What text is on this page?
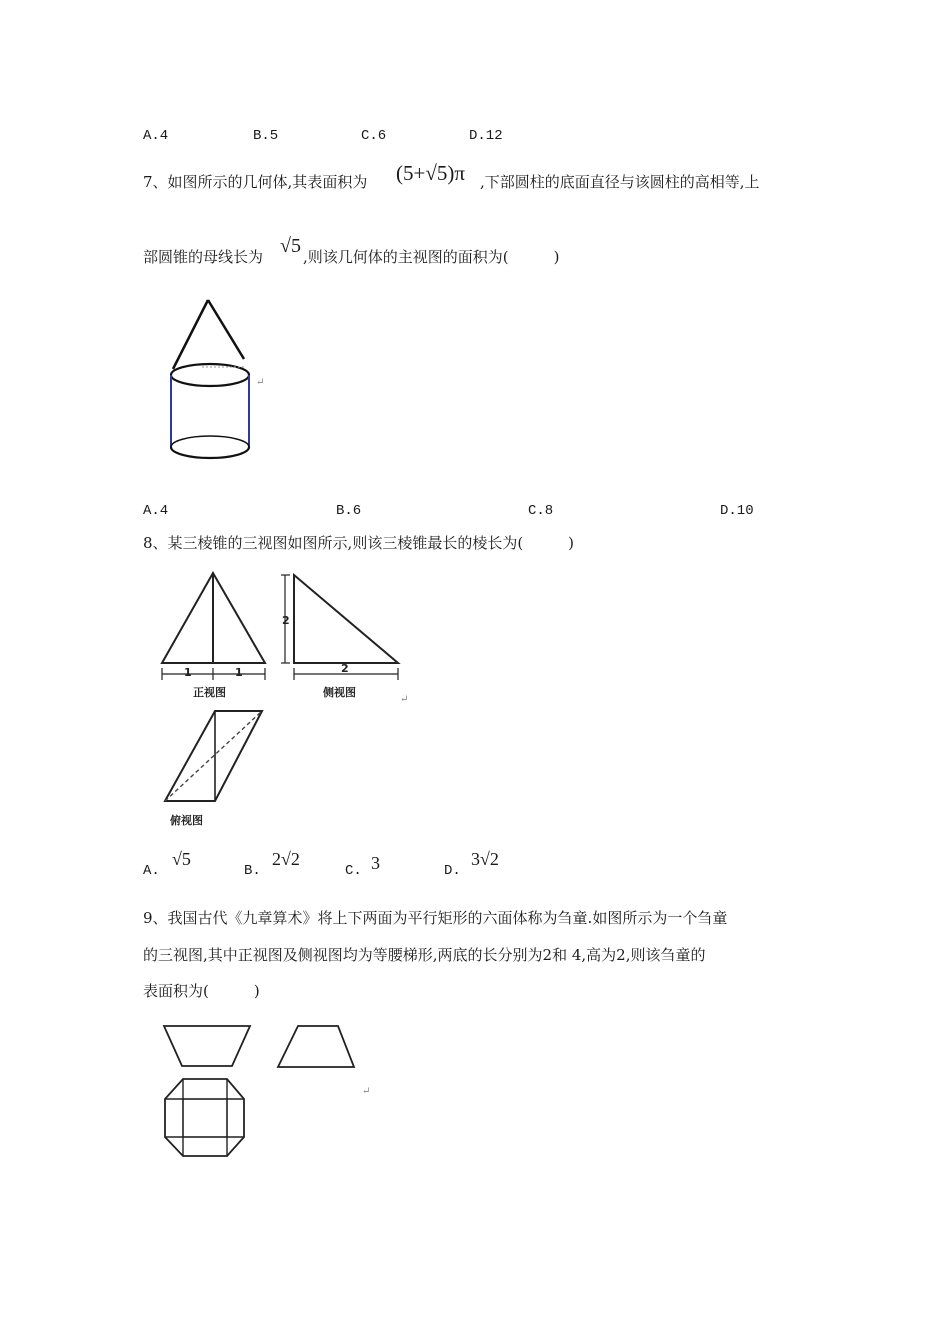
A.4	B.5	C.6	D.12
7、如图所示的几何体,其表面积为 (5+√5)π ,下部圆柱的底面直径与该圆柱的高相等,上
部圆锥的母线长为 √5 ,则该几何体的主视图的面积为(　　　)
↵
A.4	B.6	C.8	D.10
8、某三棱锥的三视图如图所示,则该三棱锥最长的棱长为(　　　)
1	1
正视图
2
2
侧视图
↵
俯视图
A.
√5
B.
2√2
C. 3	D.
3√2
9、我国古代《九章算术》将上下两面为平行矩形的六面体称为刍童.如图所示为一个刍童
的三视图,其中正视图及侧视图均为等腰梯形,两底的长分别为2和 4,高为2,则该刍童的
表面积为(　　　)
↵
